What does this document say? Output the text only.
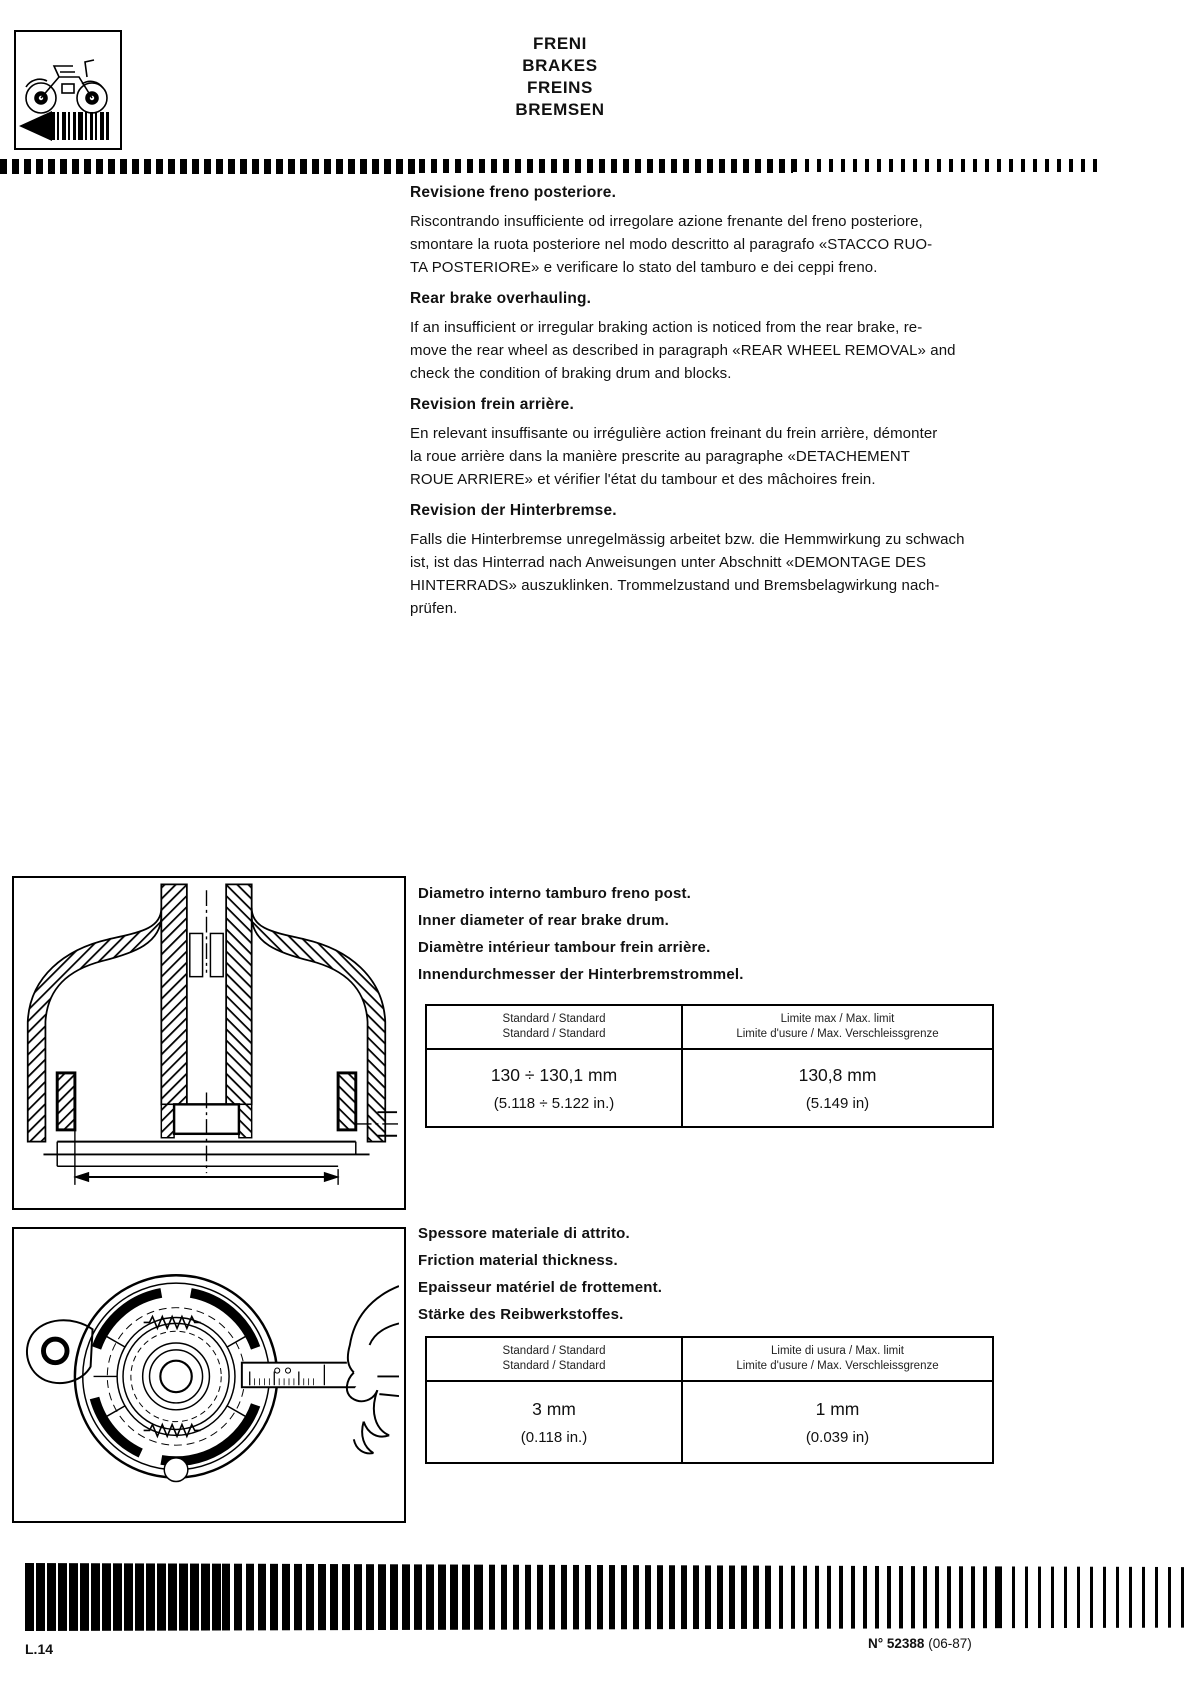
FRENI
BRAKES
FREINS
BREMSEN
Revisione freno posteriore.
Riscontrando insufficiente od irregolare azione frenante del freno posteriore,
smontare la ruota posteriore nel modo descritto al paragrafo «STACCO RUO-
TA POSTERIORE» e verificare lo stato del tamburo e dei ceppi freno.
Rear brake overhauling.
If an insufficient or irregular braking action is noticed from the rear brake, re-
move the rear wheel as described in paragraph «REAR WHEEL REMOVAL» and
check the condition of braking drum and blocks.
Revision frein arrière.
En relevant insuffisante ou irrégulière action freinant du frein arrière, démonter
la roue arrière dans la manière prescrite au paragraphe «DETACHEMENT
ROUE ARRIERE» et vérifier l'état du tambour et des mâchoires frein.
Revision der Hinterbremse.
Falls die Hinterbremse unregelmässig arbeitet bzw. die Hemmwirkung zu schwach
ist, ist das Hinterrad nach Anweisungen unter Abschnitt «DEMONTAGE DES
HINTERRADS» auszuklinken. Trommelzustand und Bremsbelagwirkung nach-
prüfen.
Diametro interno tamburo freno post.
Inner diameter of rear brake drum.
Diamètre intérieur tambour frein arrière.
Innendurchmesser der Hinterbremstrommel.
Standard / Standard
Standard / Standard
Limite max / Max. limit
Limite d'usure / Max. Verschleissgrenze
130 ÷ 130,1 mm
(5.118 ÷ 5.122 in.)
130,8 mm
(5.149 in)
Spessore materiale di attrito.
Friction material thickness.
Epaisseur matériel de frottement.
Stärke des Reibwerkstoffes.
Standard / Standard
Standard / Standard
Limite di usura / Max. limit
Limite d'usure / Max. Verschleissgrenze
3 mm
(0.118 in.)
1 mm
(0.039 in)
L.14	N° 52388 (06-87)
